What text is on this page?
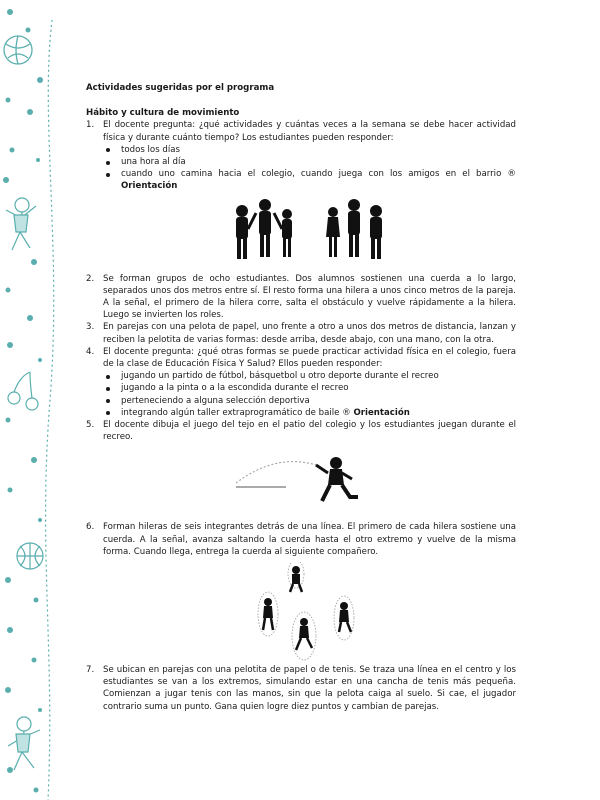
Actividades sugeridas por el programa

Hábito y cultura de movimiento

1. El docente pregunta: ¿qué actividades y cuántas veces a la semana se debe hacer actividad física y durante cuánto tiempo? Los estudiantes pueden responder:
todos los días
una hora al día
cuando uno camina hacia el colegio, cuando juega con los amigos en el barrio ® Orientación
2. Se forman grupos de ocho estudiantes. Dos alumnos sostienen una cuerda a lo largo, separados unos dos metros entre sí. El resto forma una hilera a unos cinco metros de la pareja. A la señal, el primero de la hilera corre, salta el obstáculo y vuelve rápidamente a la hilera. Luego se invierten los roles.
3. En parejas con una pelota de papel, uno frente a otro a unos dos metros de distancia, lanzan y reciben la pelotita de varias formas: desde arriba, desde abajo, con una mano, con la otra.
4. El docente pregunta: ¿qué otras formas se puede practicar actividad física en el colegio, fuera de la clase de Educación Física Y Salud? Ellos pueden responder:
jugando un partido de fútbol, básquetbol u otro deporte durante el recreo
jugando a la pinta o a la escondida durante el recreo
perteneciendo a alguna selección deportiva
integrando algún taller extraprogramático de baile ® Orientación
5. El docente dibuja el juego del tejo en el patio del colegio y los estudiantes juegan durante el recreo.
6. Forman hileras de seis integrantes detrás de una línea. El primero de cada hilera sostiene una cuerda. A la señal, avanza saltando la cuerda hasta el otro extremo y vuelve de la misma forma. Cuando llega, entrega la cuerda al siguiente compañero.
7. Se ubican en parejas con una pelotita de papel o de tenis. Se traza una línea en el centro y los estudiantes se van a los extremos, simulando estar en una cancha de tenis más pequeña. Comienzan a jugar tenis con las manos, sin que la pelota caiga al suelo. Si cae, el jugador contrario suma un punto. Gana quien logre diez puntos y cambian de parejas.
